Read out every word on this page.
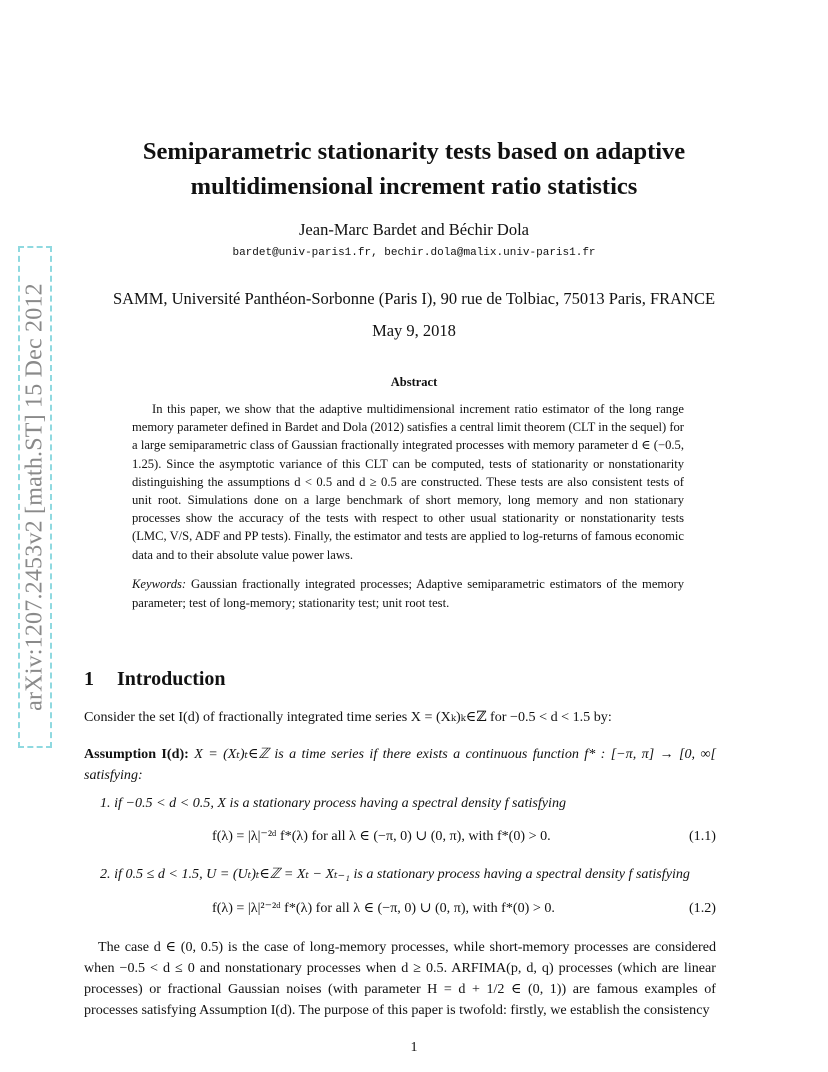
arXiv:1207.2453v2 [math.ST] 15 Dec 2012
Semiparametric stationarity tests based on adaptive
multidimensional increment ratio statistics
Jean-Marc Bardet and Béchir Dola
bardet@univ-paris1.fr, bechir.dola@malix.univ-paris1.fr
SAMM, Université Panthéon-Sorbonne (Paris I), 90 rue de Tolbiac, 75013 Paris, FRANCE
May 9, 2018
Abstract
In this paper, we show that the adaptive multidimensional increment ratio estimator of the long range memory parameter defined in Bardet and Dola (2012) satisfies a central limit theorem (CLT in the sequel) for a large semiparametric class of Gaussian fractionally integrated processes with memory parameter d ∈ (−0.5, 1.25). Since the asymptotic variance of this CLT can be computed, tests of stationarity or nonstationarity distinguishing the assumptions d < 0.5 and d ≥ 0.5 are constructed. These tests are also consistent tests of unit root. Simulations done on a large benchmark of short memory, long memory and non stationary processes show the accuracy of the tests with respect to other usual stationarity or nonstationarity tests (LMC, V/S, ADF and PP tests). Finally, the estimator and tests are applied to log-returns of famous economic data and to their absolute value power laws.
Keywords: Gaussian fractionally integrated processes; Adaptive semiparametric estimators of the memory parameter; test of long-memory; stationarity test; unit root test.
1 Introduction
Consider the set I(d) of fractionally integrated time series X = (Xₖ)ₖ∈ℤ for −0.5 < d < 1.5 by:
Assumption I(d): X = (Xₜ)ₜ∈ℤ is a time series if there exists a continuous function f* : [−π, π] → [0, ∞[ satisfying:
1. if −0.5 < d < 0.5, X is a stationary process having a spectral density f satisfying
f(λ) = |λ|⁻²ᵈ f*(λ) for all λ ∈ (−π, 0) ∪ (0, π), with f*(0) > 0.	(1.1)
2. if 0.5 ≤ d < 1.5, U = (Uₜ)ₜ∈ℤ = Xₜ − Xₜ₋₁ is a stationary process having a spectral density f satisfying
f(λ) = |λ|²⁻²ᵈ f*(λ) for all λ ∈ (−π, 0) ∪ (0, π), with f*(0) > 0.	(1.2)
The case d ∈ (0, 0.5) is the case of long-memory processes, while short-memory processes are considered when −0.5 < d ≤ 0 and nonstationary processes when d ≥ 0.5. ARFIMA(p, d, q) processes (which are linear processes) or fractional Gaussian noises (with parameter H = d + 1/2 ∈ (0, 1)) are famous examples of processes satisfying Assumption I(d). The purpose of this paper is twofold: firstly, we establish the consistency
1
